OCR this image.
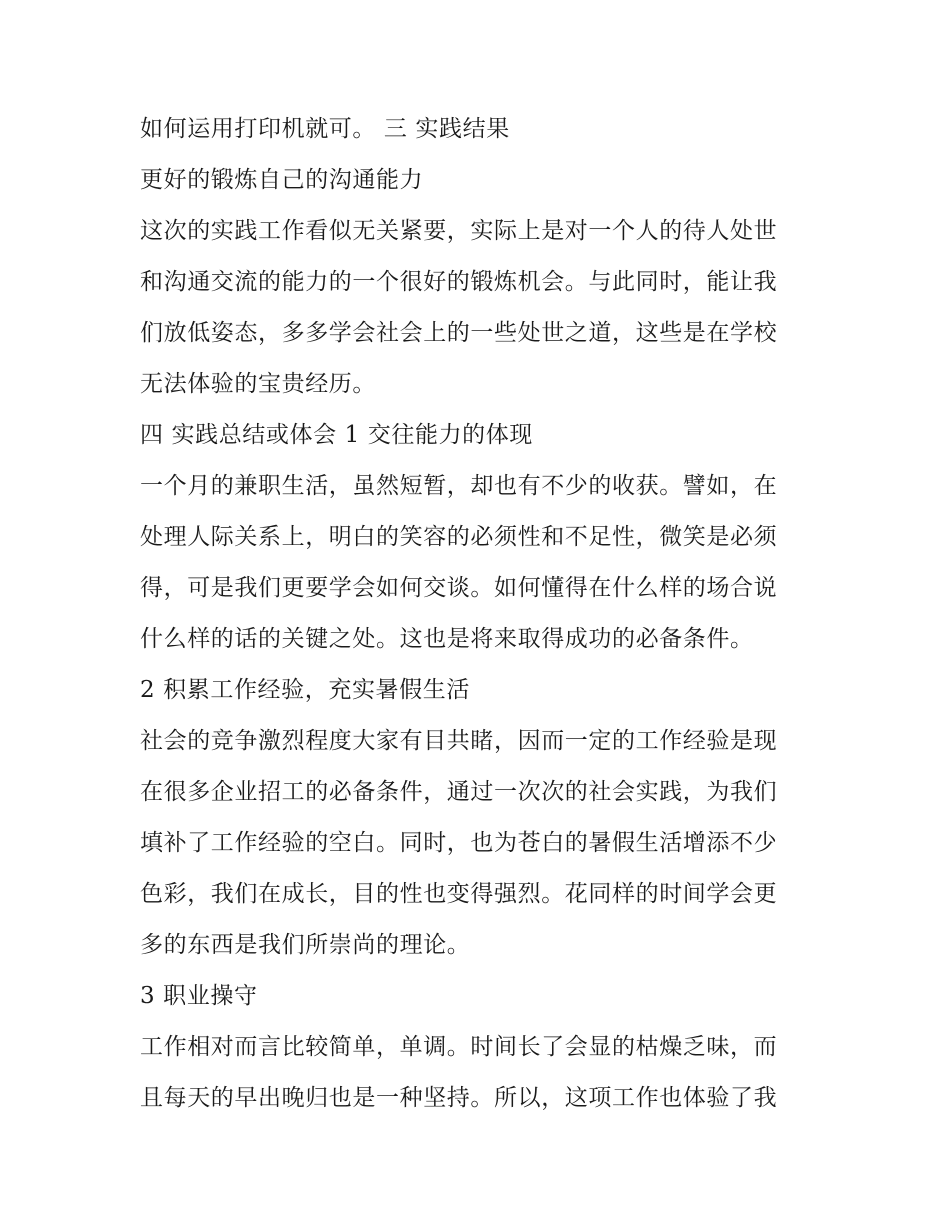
如何运用打印机就可。 三 实践结果
更好的锻炼自己的沟通能力
这次的实践工作看似无关紧要，实际上是对一个人的待人处世
和沟通交流的能力的一个很好的锻炼机会。与此同时，能让我
们放低姿态，多多学会社会上的一些处世之道，这些是在学校
无法体验的宝贵经历。
四 实践总结或体会 1 交往能力的体现
一个月的兼职生活，虽然短暂，却也有不少的收获。譬如，在
处理人际关系上，明白的笑容的必须性和不足性，微笑是必须
得，可是我们更要学会如何交谈。如何懂得在什么样的场合说
什么样的话的关键之处。这也是将来取得成功的必备条件。
2 积累工作经验，充实暑假生活
社会的竞争激烈程度大家有目共睹，因而一定的工作经验是现
在很多企业招工的必备条件，通过一次次的社会实践，为我们
填补了工作经验的空白。同时，也为苍白的暑假生活增添不少
色彩，我们在成长，目的性也变得强烈。花同样的时间学会更
多的东西是我们所崇尚的理论。
3 职业操守
工作相对而言比较简单，单调。时间长了会显的枯燥乏味，而
且每天的早出晚归也是一种坚持。所以，这项工作也体验了我
